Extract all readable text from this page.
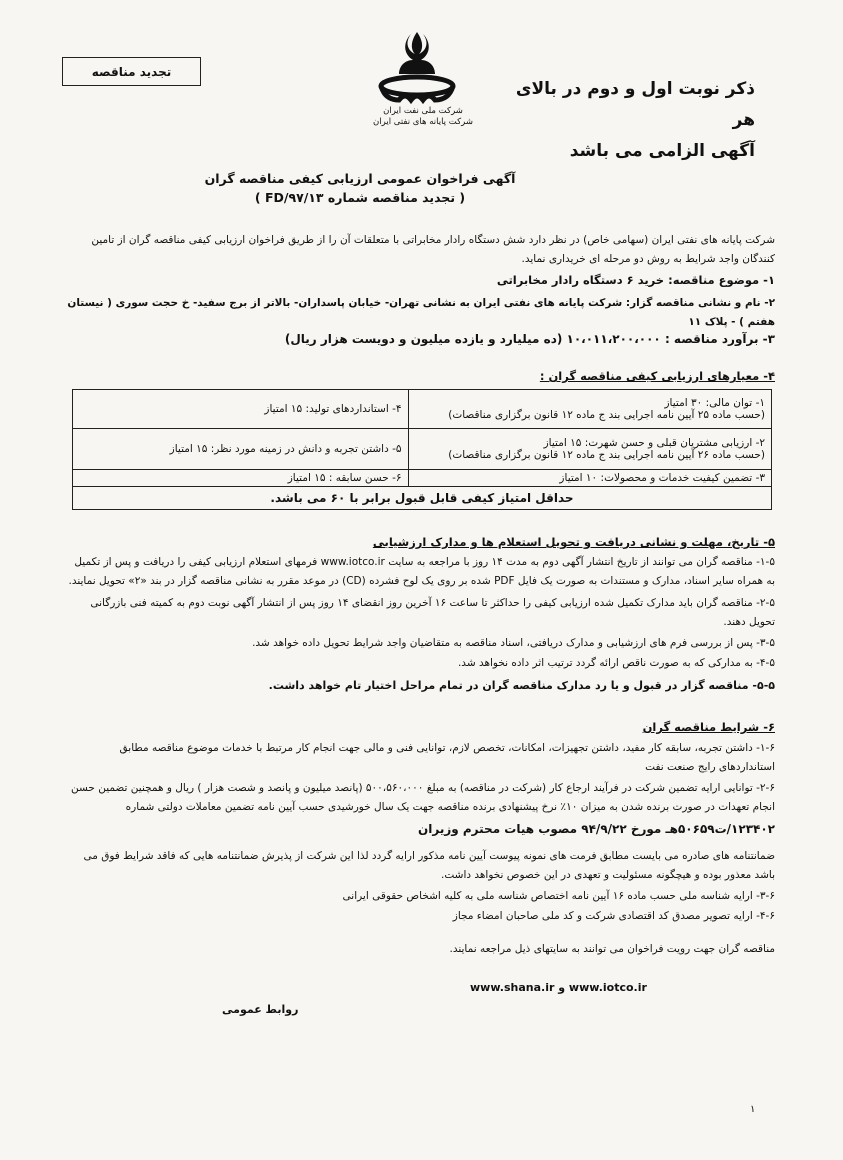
تجدید مناقصه
شرکت ملی نفت ایران
شرکت پایانه های نفتی ایران
ذکر نوبت اول و دوم در بالای هر
آگهی الزامی می باشد
آگهی فراخوان عمومی ارزیابی کیفی مناقصه گران
( تجدید مناقصه شماره ۹۷/۱۳/FD )
شرکت پایانه های نفتی ایران (سهامی خاص) در نظر دارد شش دستگاه رادار مخابراتی با متعلقات آن را از طریق فراخوان ارزیابی کیفی مناقصه گران از تامین کنندگان واجد شرایط به روش دو مرحله ای خریداری نماید.
۱- موضوع مناقصه: خرید ۶ دستگاه رادار مخابراتی
۲- نام و نشانی مناقصه گزار: شرکت پایانه های نفتی ایران به نشانی تهران- خیابان پاسداران- بالاتر از برج سفید- خ حجت سوری ( نیستان هفتم ) - پلاک ۱۱
۳- برآورد مناقصه : ۱۰،۰۱۱،۲۰۰،۰۰۰ (ده میلیارد و یازده میلیون و دویست هزار ریال)
۴- معیارهای ارزیابی کیفی مناقصه گران :
۱- توان مالی: ۳۰ امتیاز
(حسب ماده ۲۵ آیین نامه اجرایی بند ج ماده ۱۲ قانون برگزاری مناقصات)	۴- استانداردهای تولید: ۱۵ امتیاز

۲- ارزیابی مشتریان قبلی و حسن شهرت: ۱۵ امتیاز
(حسب ماده ۲۶ آیین نامه اجرایی بند ج ماده ۱۲ قانون برگزاری مناقصات)	۵- داشتن تجربه و دانش در زمینه مورد نظر: ۱۵ امتیاز
۳- تضمین کیفیت خدمات و محصولات: ۱۰ امتیاز	۶- حسن سابقه : ۱۵ امتیاز
حداقل امتیاز کیفی قابل قبول برابر با ۶۰ می باشد.	
۵- تاریخ، مهلت و نشانی دریافت و تحویل استعلام ها و مدارک ارزشیابی
۱-۵- مناقصه گران می توانند از تاریخ انتشار آگهی دوم به مدت ۱۴ روز با مراجعه به سایت www.iotco.ir فرمهای استعلام ارزیابی کیفی را دریافت و پس از تکمیل به همراه سایر اسناد، مدارک و مستندات به صورت یک فایل PDF شده بر روی یک لوح فشرده (CD) در موعد مقرر به نشانی مناقصه گزار در بند «۲» تحویل نمایند.
۲-۵- مناقصه گران باید مدارک تکمیل شده ارزیابی کیفی را حداکثر تا ساعت ۱۶ آخرین روز انقضای ۱۴ روز پس از انتشار آگهی نوبت دوم به کمیته فنی بازرگانی تحویل دهند.
۳-۵- پس از بررسی فرم های ارزشیابی و مدارک دریافتی، اسناد مناقصه به متقاضیان واجد شرایط تحویل داده خواهد شد.
۴-۵- به مدارکی که به صورت ناقص ارائه گردد ترتیب اثر داده نخواهد شد.
۵-۵- مناقصه گزار در قبول و یا رد مدارک مناقصه گران در تمام مراحل اختیار تام خواهد داشت.
۶- شرایط مناقصه گران
۱-۶- داشتن تجربه، سابقه کار مفید، داشتن تجهیزات، امکانات، تخصص لازم، توانایی فنی و مالی جهت انجام کار مرتبط با خدمات موضوع مناقصه مطابق استانداردهای رایج صنعت نفت
۲-۶- توانایی ارایه تضمین شرکت در فرآیند ارجاع کار (شرکت در مناقصه) به مبلغ ۵۰۰،۵۶۰،۰۰۰ (پانصد میلیون و پانصد و شصت هزار ) ریال و همچنین تضمین حسن انجام تعهدات در صورت برنده شدن به میزان ۱۰٪ نرخ پیشنهادی برنده مناقصه جهت یک سال خورشیدی حسب آیین نامه تضمین معاملات دولتی شماره
۱۲۳۴۰۲/ت۵۰۶۵۹هـ مورخ ۹۴/۹/۲۲ مصوب هیات محترم وزیران
ضمانتنامه های صادره می بایست مطابق فرمت های نمونه پیوست آیین نامه مذکور ارایه گردد لذا این شرکت از پذیرش ضمانتنامه هایی که فاقد شرایط فوق می باشد معذور بوده و هیچگونه مسئولیت و تعهدی در این خصوص نخواهد داشت.
۳-۶- ارایه شناسه ملی حسب ماده ۱۶ آیین نامه اختصاص شناسه ملی به کلیه اشخاص حقوقی ایرانی
۴-۶- ارایه تصویر مصدق کد اقتصادی شرکت و کد ملی صاحبان امضاء مجاز
مناقصه گران جهت رویت فراخوان می توانند به سایتهای ذیل مراجعه نمایند.
www.shana.ir و www.iotco.ir
روابط عمومی
۱
